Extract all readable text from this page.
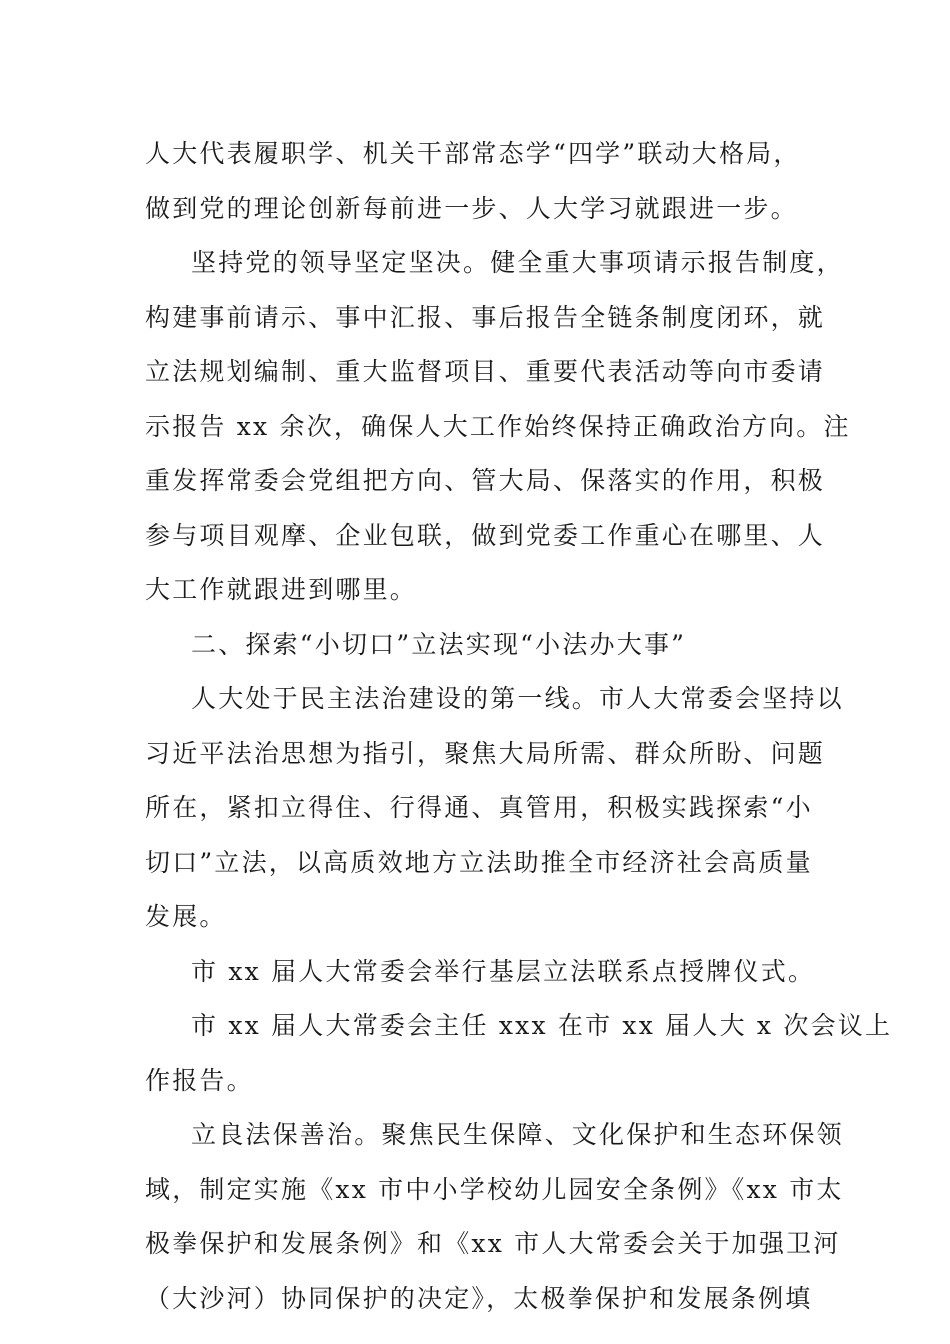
人大代表履职学、机关干部常态学“四学”联动大格局，
做到党的理论创新每前进一步、人大学习就跟进一步。
坚持党的领导坚定坚决。健全重大事项请示报告制度，
构建事前请示、事中汇报、事后报告全链条制度闭环，就
立法规划编制、重大监督项目、重要代表活动等向市委请
示报告 xx 余次，确保人大工作始终保持正确政治方向。注
重发挥常委会党组把方向、管大局、保落实的作用，积极
参与项目观摩、企业包联，做到党委工作重心在哪里、人
大工作就跟进到哪里。
二、探索“小切口”立法实现“小法办大事”
人大处于民主法治建设的第一线。市人大常委会坚持以
习近平法治思想为指引，聚焦大局所需、群众所盼、问题
所在，紧扣立得住、行得通、真管用，积极实践探索“小
切口”立法，以高质效地方立法助推全市经济社会高质量
发展。
市 xx 届人大常委会举行基层立法联系点授牌仪式。
市 xx 届人大常委会主任 xxx 在市 xx 届人大 x 次会议上
作报告。
立良法保善治。聚焦民生保障、文化保护和生态环保领
域，制定实施《xx 市中小学校幼儿园安全条例》《xx 市太
极拳保护和发展条例》和《xx 市人大常委会关于加强卫河
（大沙河）协同保护的决定》，太极拳保护和发展条例填
